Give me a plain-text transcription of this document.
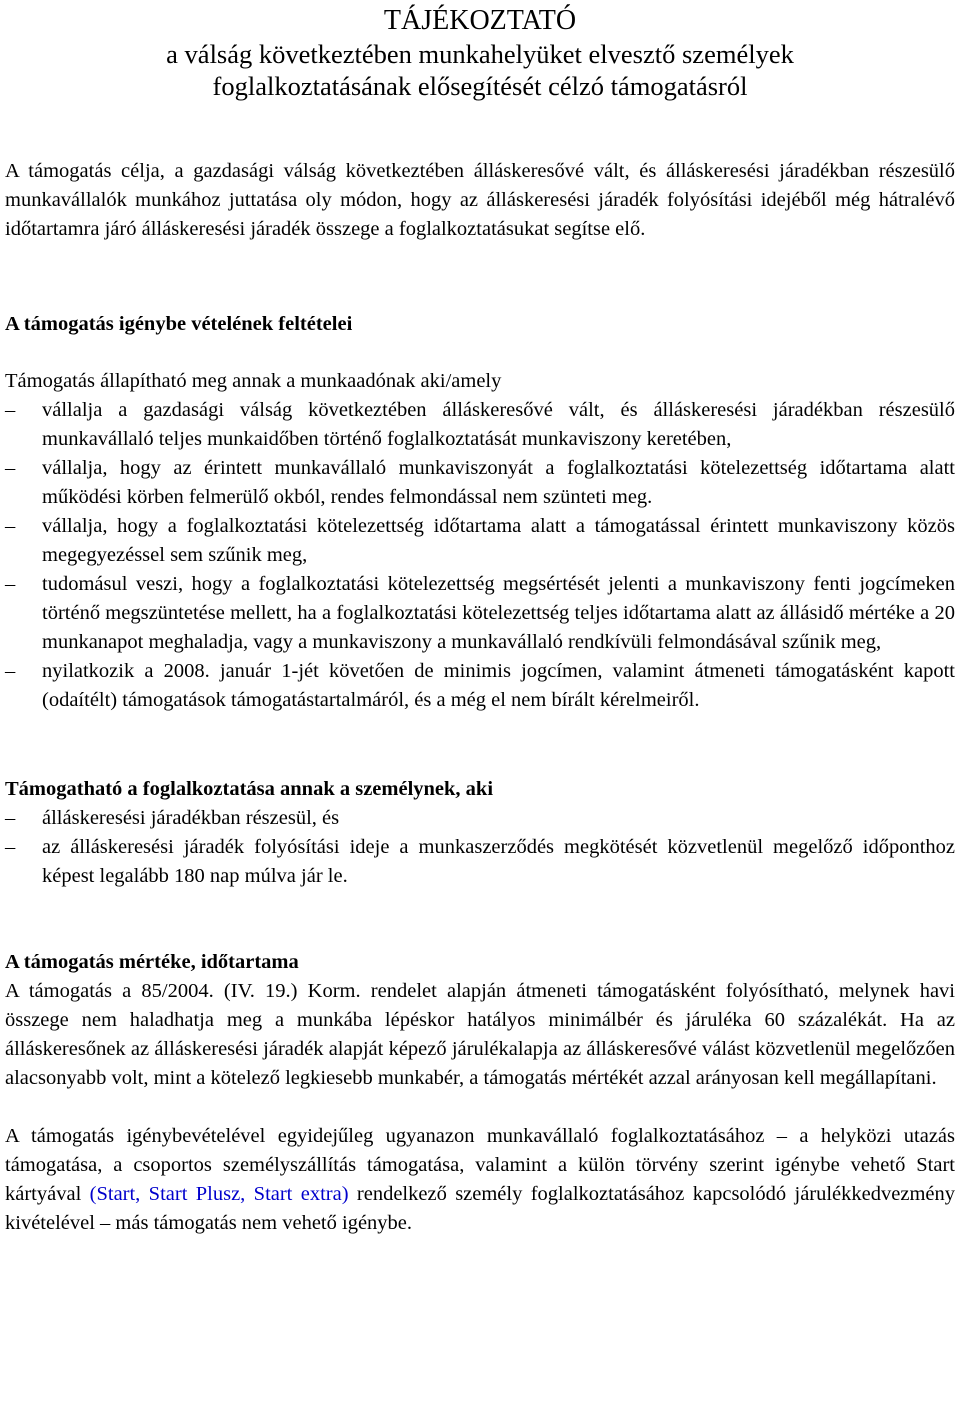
TÁJÉKOZTATÓ
a válság következtében munkahelyüket elvesztő személyek
foglalkoztatásának elősegítését célzó támogatásról

A támogatás célja, a gazdasági válság következtében álláskeresővé vált, és álláskeresési járadékban részesülő munkavállalók munkához juttatása oly módon, hogy az álláskeresési járadék folyósítási idejéből még hátralévő időtartamra járó álláskeresési járadék összege a foglalkoztatásukat segítse elő.

A támogatás igénybe vételének feltételei

Támogatás állapítható meg annak a munkaadónak aki/amely

–	vállalja a gazdasági válság következtében álláskeresővé vált, és álláskeresési járadékban részesülő munkavállaló teljes munkaidőben történő foglalkoztatását munkaviszony keretében,
–	vállalja, hogy az érintett munkavállaló munkaviszonyát a foglalkoztatási kötelezettség időtartama alatt működési körben felmerülő okból, rendes felmondással nem szünteti meg.
–	vállalja, hogy a foglalkoztatási kötelezettség időtartama alatt a támogatással érintett munkaviszony közös megegyezéssel sem szűnik meg,
–	tudomásul veszi, hogy a foglalkoztatási kötelezettség megsértését jelenti a munkaviszony fenti jogcímeken történő megszüntetése mellett, ha a foglalkoztatási kötelezettség teljes időtartama alatt az állásidő mértéke a 20 munkanapot meghaladja, vagy a munkaviszony a munkavállaló rendkívüli felmondásával szűnik meg,
–	nyilatkozik a 2008. január 1-jét követően de minimis jogcímen, valamint átmeneti támogatásként kapott (odaítélt) támogatások támogatástartalmáról, és a még el nem bírált kérelmeiről.
Támogatható a foglalkoztatása annak a személynek, aki
–	álláskeresési járadékban részesül, és
–	az álláskeresési járadék folyósítási ideje a munkaszerződés megkötését közvetlenül megelőző időponthoz képest legalább 180 nap múlva jár le.
A támogatás mértéke, időtartama

A támogatás a 85/2004. (IV. 19.) Korm. rendelet alapján átmeneti támogatásként folyósítható, melynek havi összege nem haladhatja meg a munkába lépéskor hatályos minimálbér és járuléka 60 százalékát. Ha az álláskeresőnek az álláskeresési járadék alapját képező járulékalapja az álláskeresővé válást közvetlenül megelőzően alacsonyabb volt, mint a kötelező legkiesebb munkabér, a támogatás mértékét azzal arányosan kell megállapítani.

A támogatás igénybevételével egyidejűleg ugyanazon munkavállaló foglalkoztatásához – a helyközi utazás támogatása, a csoportos személyszállítás támogatása, valamint a külön törvény szerint igénybe vehető Start kártyával (Start, Start Plusz, Start extra) rendelkező személy foglalkoztatásához kapcsolódó járulékkedvezmény kivételével – más támogatás nem vehető igénybe.
